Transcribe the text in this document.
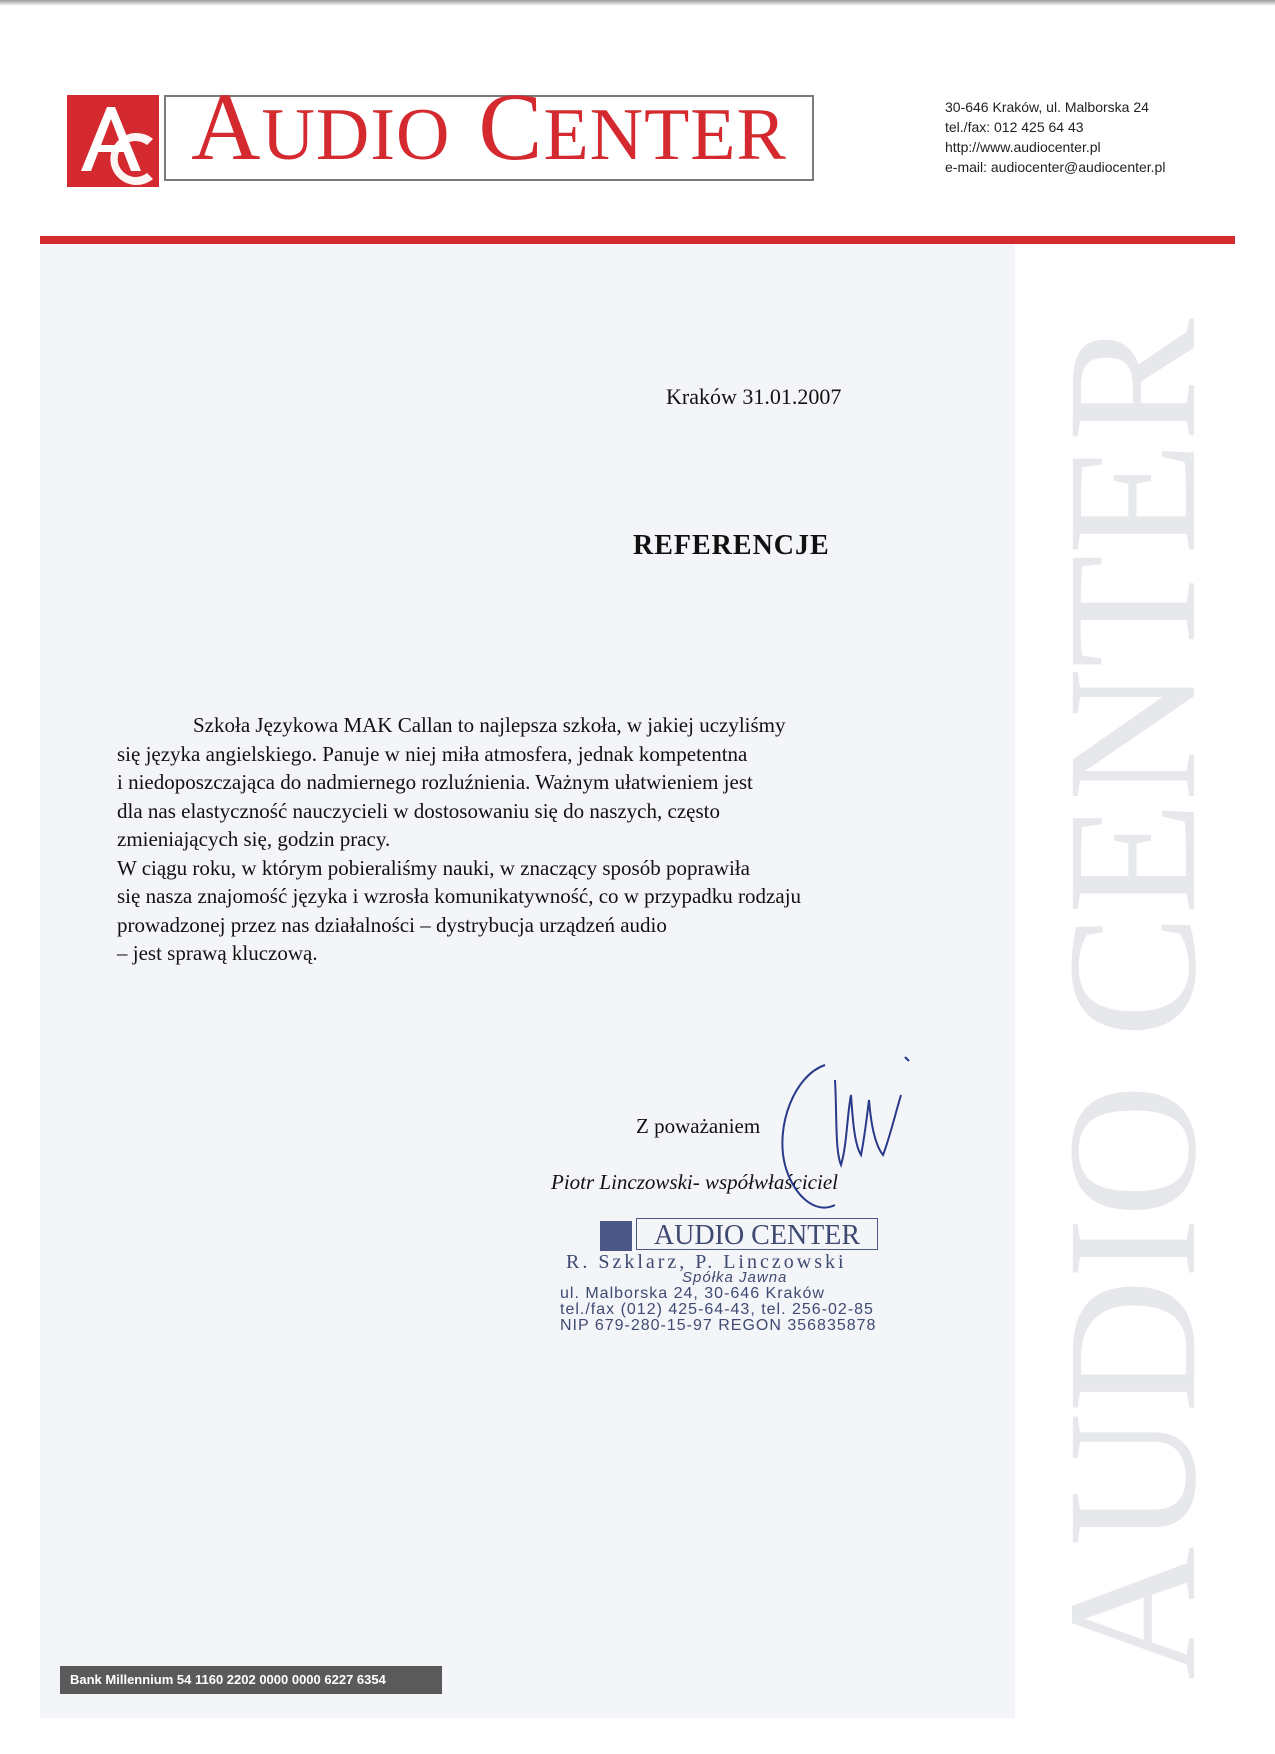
AUDIO CENTER	30-646 Kraków, ul. Malborska 24
tel./fax: 012 425 64 43
http://www.audiocenter.pl
e-mail: audiocenter@audiocenter.pl
AUDIO CENTER
Kraków 31.01.2007
REFERENCJE

Szkoła Językowa MAK Callan to najlepsza szkoła, w jakiej uczyliśmy

się języka angielskiego. Panuje w niej miła atmosfera, jednak kompetentna

i niedoposzczająca do nadmiernego rozluźnienia. Ważnym ułatwieniem jest

dla nas elastyczność nauczycieli w dostosowaniu się do naszych, często

zmieniających się, godzin pracy.

W ciągu roku, w którym pobieraliśmy nauki, w znaczący sposób poprawiła

się nasza znajomość języka i wzrosła komunikatywność, co w przypadku rodzaju

prowadzonej przez nas działalności – dystrybucja urządzeń audio

– jest sprawą kluczową.

Z poważaniem
Piotr Linczowski- współwłaściciel
AUDIO CENTER
R. Szklarz, P. Linczowski
Spółka Jawna
ul. Malborska 24, 30-646 Kraków
tel./fax (012) 425-64-43, tel. 256-02-85
NIP 679-280-15-97 REGON 356835878
Bank Millennium 54 1160 2202 0000 0000 6227 6354
